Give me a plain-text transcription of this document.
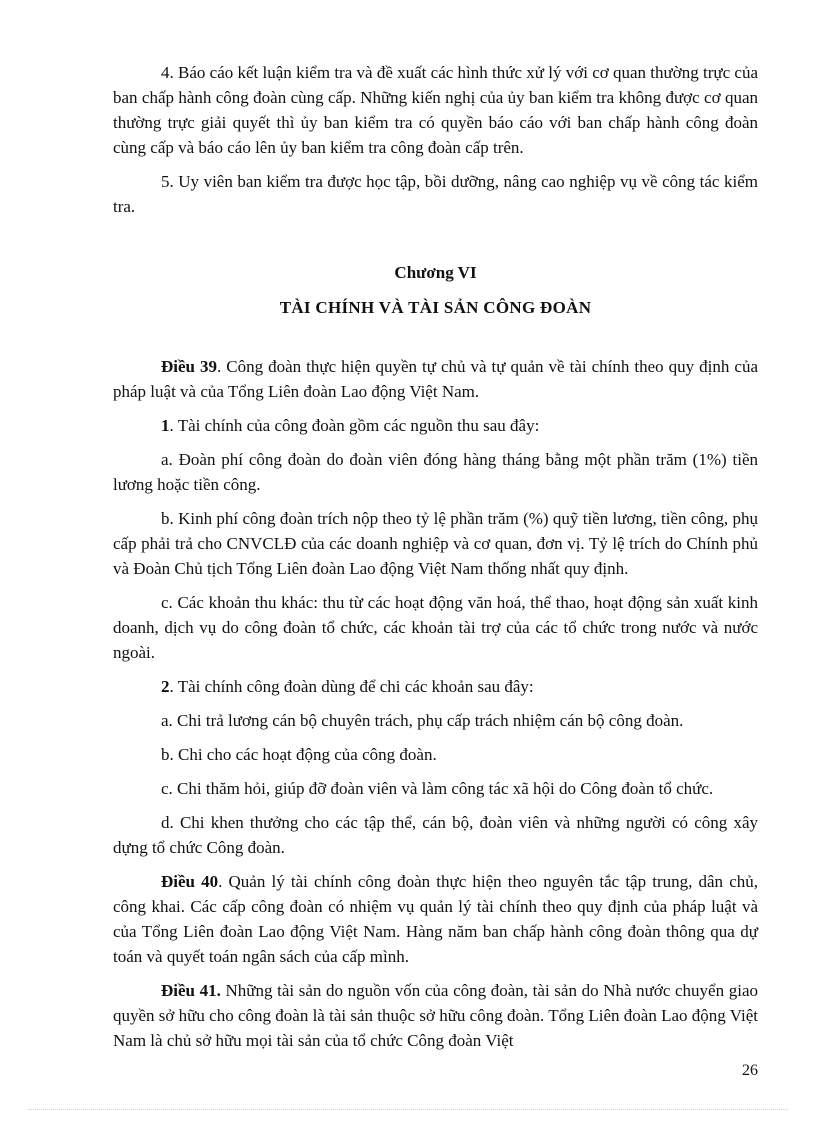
4. Báo cáo kết luận kiểm tra và đề xuất các hình thức xử lý với cơ quan thường trực của ban chấp hành công đoàn cùng cấp. Những kiến nghị của ủy ban kiểm tra không được cơ quan thường trực giải quyết thì ủy ban kiểm tra có quyền báo cáo với ban chấp hành công đoàn cùng cấp và báo cáo lên ủy ban kiểm tra công đoàn cấp trên.

5. Uy viên ban kiểm tra được học tập, bồi dưỡng, nâng cao nghiệp vụ về công tác kiểm tra.

Chương VI
TÀI CHÍNH VÀ TÀI SẢN CÔNG ĐOÀN

Điều 39. Công đoàn thực hiện quyền tự chủ và tự quản về tài chính theo quy định của pháp luật và của Tổng Liên đoàn Lao động Việt Nam.

1. Tài chính của công đoàn gồm các nguồn thu sau đây:

a. Đoàn phí công đoàn do đoàn viên đóng hàng tháng bằng một phần trăm (1%) tiền lương hoặc tiền công.

b. Kinh phí công đoàn trích nộp theo tỷ lệ phần trăm (%) quỹ tiền lương, tiền công, phụ cấp phải trả cho CNVCLĐ của các doanh nghiệp và cơ quan, đơn vị. Tỷ lệ trích do Chính phủ và Đoàn Chủ tịch Tổng Liên đoàn Lao động Việt Nam thống nhất quy định.

c. Các khoản thu khác: thu từ các hoạt động văn hoá, thể thao, hoạt động sản xuất kinh doanh, dịch vụ do công đoàn tổ chức, các khoản tài trợ của các tổ chức trong nước và nước ngoài.

2. Tài chính công đoàn dùng để chi các khoản sau đây:

a. Chi trả lương cán bộ chuyên trách, phụ cấp trách nhiệm cán bộ công đoàn.

b. Chi cho các hoạt động của công đoàn.

c. Chi thăm hỏi, giúp đỡ đoàn viên và làm công tác xã hội do Công đoàn tổ chức.

d. Chi khen thưởng cho các tập thể, cán bộ, đoàn viên và những người có công xây dựng tổ chức Công đoàn.

Điều 40. Quản lý tài chính công đoàn thực hiện theo nguyên tắc tập trung, dân chủ, công khai. Các cấp công đoàn có nhiệm vụ quản lý tài chính theo quy định của pháp luật và của Tổng Liên đoàn Lao động Việt Nam. Hàng năm ban chấp hành công đoàn thông qua dự toán và quyết toán ngân sách của cấp mình.

Điều 41. Những tài sản do nguồn vốn của công đoàn, tài sản do Nhà nước chuyển giao quyền sở hữu cho công đoàn là tài sản thuộc sở hữu công đoàn. Tổng Liên đoàn Lao động Việt Nam là chủ sở hữu mọi tài sản của tổ chức Công đoàn Việt

26
